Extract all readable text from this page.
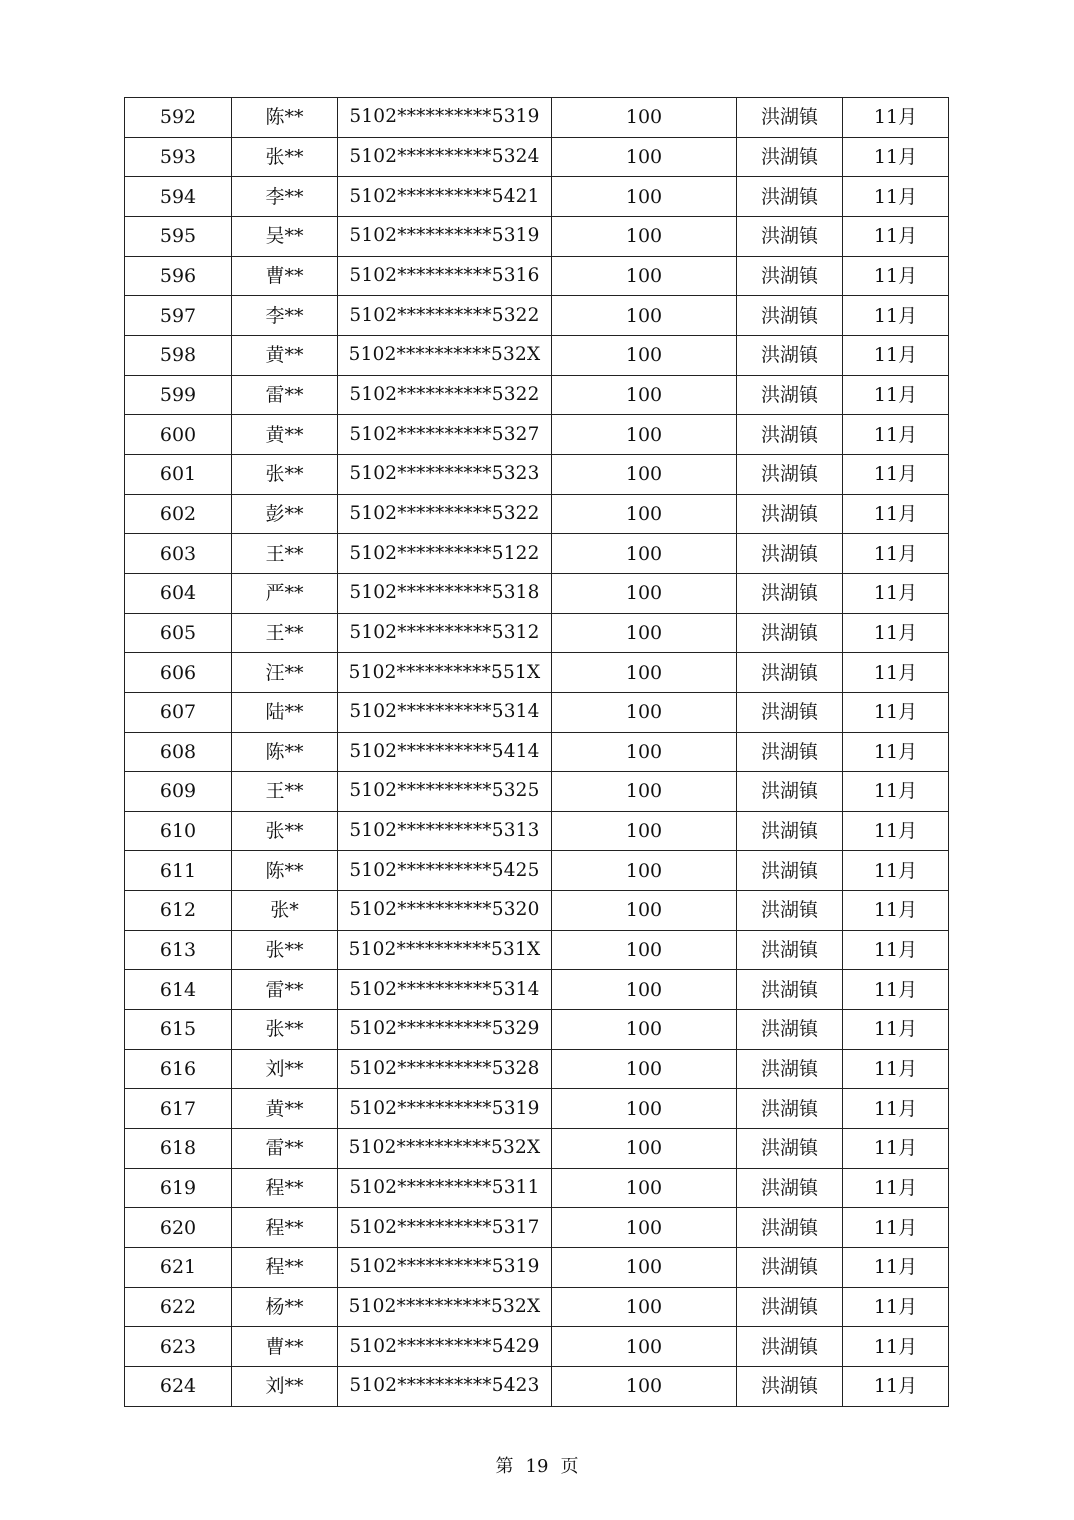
592	陈**	5102**********5319	100	洪湖镇	11月
593	张**	5102**********5324	100	洪湖镇	11月
594	李**	5102**********5421	100	洪湖镇	11月
595	吴**	5102**********5319	100	洪湖镇	11月
596	曹**	5102**********5316	100	洪湖镇	11月
597	李**	5102**********5322	100	洪湖镇	11月
598	黄**	5102**********532X	100	洪湖镇	11月
599	雷**	5102**********5322	100	洪湖镇	11月
600	黄**	5102**********5327	100	洪湖镇	11月
601	张**	5102**********5323	100	洪湖镇	11月
602	彭**	5102**********5322	100	洪湖镇	11月
603	王**	5102**********5122	100	洪湖镇	11月
604	严**	5102**********5318	100	洪湖镇	11月
605	王**	5102**********5312	100	洪湖镇	11月
606	汪**	5102**********551X	100	洪湖镇	11月
607	陆**	5102**********5314	100	洪湖镇	11月
608	陈**	5102**********5414	100	洪湖镇	11月
609	王**	5102**********5325	100	洪湖镇	11月
610	张**	5102**********5313	100	洪湖镇	11月
611	陈**	5102**********5425	100	洪湖镇	11月
612	张*	5102**********5320	100	洪湖镇	11月
613	张**	5102**********531X	100	洪湖镇	11月
614	雷**	5102**********5314	100	洪湖镇	11月
615	张**	5102**********5329	100	洪湖镇	11月
616	刘**	5102**********5328	100	洪湖镇	11月
617	黄**	5102**********5319	100	洪湖镇	11月
618	雷**	5102**********532X	100	洪湖镇	11月
619	程**	5102**********5311	100	洪湖镇	11月
620	程**	5102**********5317	100	洪湖镇	11月
621	程**	5102**********5319	100	洪湖镇	11月
622	杨**	5102**********532X	100	洪湖镇	11月
623	曹**	5102**********5429	100	洪湖镇	11月
624	刘**	5102**********5423	100	洪湖镇	11月
第 19 页
